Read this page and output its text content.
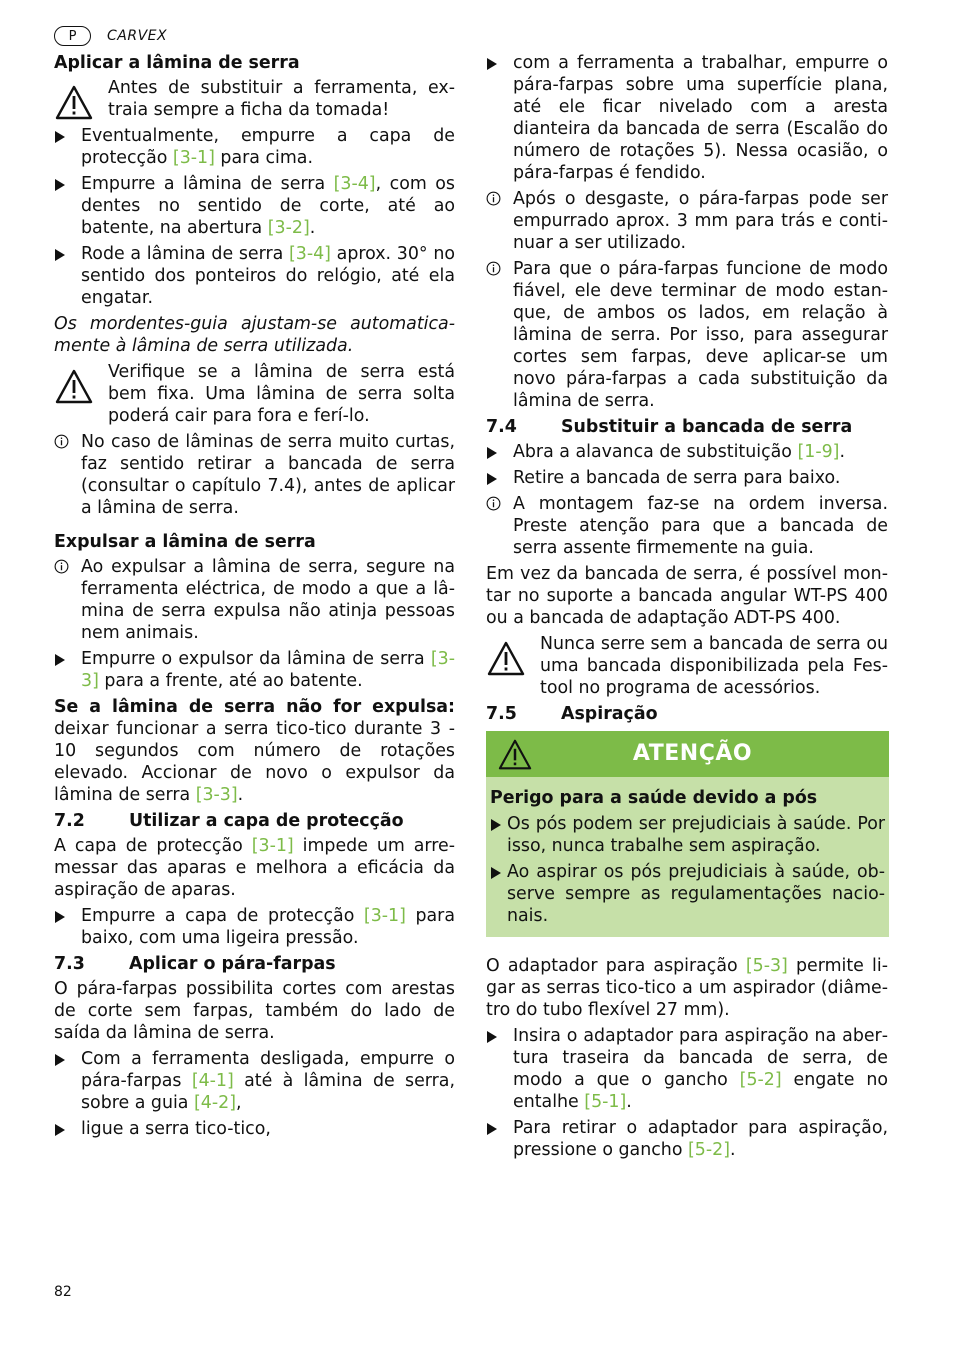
P	CARVEX

Aplicar a lâmina de serra

Antes de substituir a ferramenta, extraia sempre a ficha da tomada!
Eventualmente, empurre a capa de protecção [3-1] para cima.
Empurre a lâmina de serra [3-4], com os dentes no sentido de corte, até ao batente, na abertura [3-2].
Rode a lâmina de serra [3-4] aprox. 30° no sentido dos ponteiros do relógio, até ela engatar.

Os mordentes-guia ajustam-se automaticamente à lâmina de serra utilizada.

Verifique se a lâmina de serra está bem fixa. Uma lâmina de serra solta poderá cair para fora e ferí-lo.
No caso de lâminas de serra muito curtas, faz sentido retirar a bancada de serra (consultar o capítulo 7.4), antes de aplicar a lâmina de serra.

Expulsar a lâmina de serra

Ao expulsar a lâmina de serra, segure na ferramenta eléctrica, de modo a que a lâmina de serra expulsa não atinja pessoas nem animais.
Empurre o expulsor da lâmina de serra [3-3] para a frente, até ao batente.

Se a lâmina de serra não for expulsa: deixar funcionar a serra tico-tico durante 3 - 10 segundos com número de rotações elevado. Accionar de novo o expulsor da lâmina de serra [3-3].

7.2	Utilizar a capa de protecção

A capa de protecção [3-1] impede um arremessar das aparas e melhora a eficácia da aspiração de aparas.

Empurre a capa de protecção [3-1] para baixo, com uma ligeira pressão.
7.3	Aplicar o pára-farpas

O pára-farpas possibilita cortes com arestas de corte sem farpas, também do lado de saída da lâmina de serra.

Com a ferramenta desligada, empurre o pára-farpas [4-1] até à lâmina de serra, sobre a guia [4-2],
ligue a serra tico-tico,
com a ferramenta a trabalhar, empurre o pára-farpas sobre uma superfície plana, até ele ficar nivelado com a aresta dianteira da bancada de serra (Escalão do número de rotações 5). Nessa ocasião, o pára-farpas é fendido.
Após o desgaste, o pára-farpas pode ser empurrado aprox. 3 mm para trás e continuar a ser utilizado.
Para que o pára-farpas funcione de modo fiável, ele deve terminar de modo estanque, de ambos os lados, em relação à lâmina de serra. Por isso, para assegurar cortes sem farpas, deve aplicar-se um novo pára-farpas a cada substituição da lâmina de serra.
7.4	Substituir a bancada de serra
Abra a alavanca de substituição [1-9].
Retire a bancada de serra para baixo.
A montagem faz-se na ordem inversa. Preste atenção para que a bancada de serra assente firmemente na guia.

Em vez da bancada de serra, é possível montar no suporte a bancada angular WT-PS 400 ou a bancada de adaptação ADT-PS 400.

Nunca serre sem a bancada de serra ou uma bancada disponibilizada pela Festool no programa de acessórios.
7.5	Aspiração
ATENÇÃO

Perigo para a saúde devido a pós

Os pós podem ser prejudiciais à saúde. Por isso, nunca trabalhe sem aspiração.
Ao aspirar os pós prejudiciais à saúde, observe sempre as regulamentações nacionais.

O adaptador para aspiração [5-3] permite ligar as serras tico-tico a um aspirador (diâmetro do tubo flexível 27 mm).

Insira o adaptador para aspiração na abertura traseira da bancada de serra, de modo a que o gancho [5-2] engate no entalhe [5-1].
Para retirar o adaptador para aspiração, pressione o gancho [5-2].
82
